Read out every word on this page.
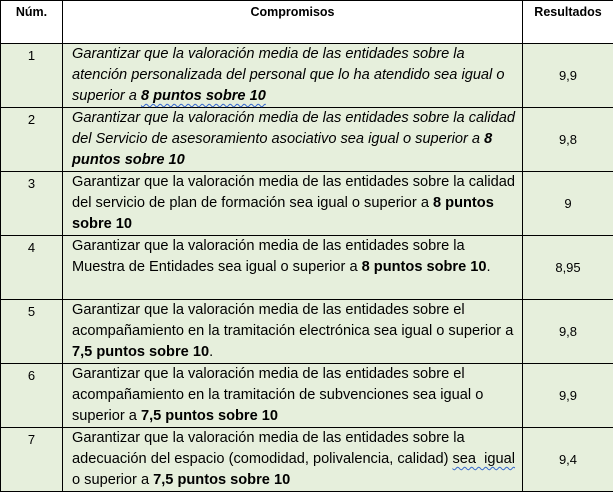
Núm.	Compromisos	Resultados
1	Garantizar que la valoración media de las entidades sobre la atención personalizada del personal que lo ha atendido sea igual o superior a 8 puntos sobre 10	9,9
2	Garantizar que la valoración media de las entidades sobre la calidad del Servicio de asesoramiento asociativo sea igual o superior a 8 puntos sobre 10	9,8
3	Garantizar que la valoración media de las entidades sobre la calidad del servicio de plan de formación sea igual o superior a 8 puntos sobre 10	9
4	Garantizar que la valoración media de las entidades sobre la Muestra de Entidades sea igual o superior a 8 puntos sobre 10.	8,95
5	Garantizar que la valoración media de las entidades sobre el acompañamiento en la tramitación electrónica sea igual o superior a 7,5 puntos sobre 10.	9,8
6	Garantizar que la valoración media de las entidades sobre el acompañamiento en la tramitación de subvenciones sea igual o superior a 7,5 puntos sobre 10	9,9
7	Garantizar que la valoración media de las entidades sobre la adecuación del espacio (comodidad, polivalencia, calidad) sea  igual o superior a 7,5 puntos sobre 10	9,4
